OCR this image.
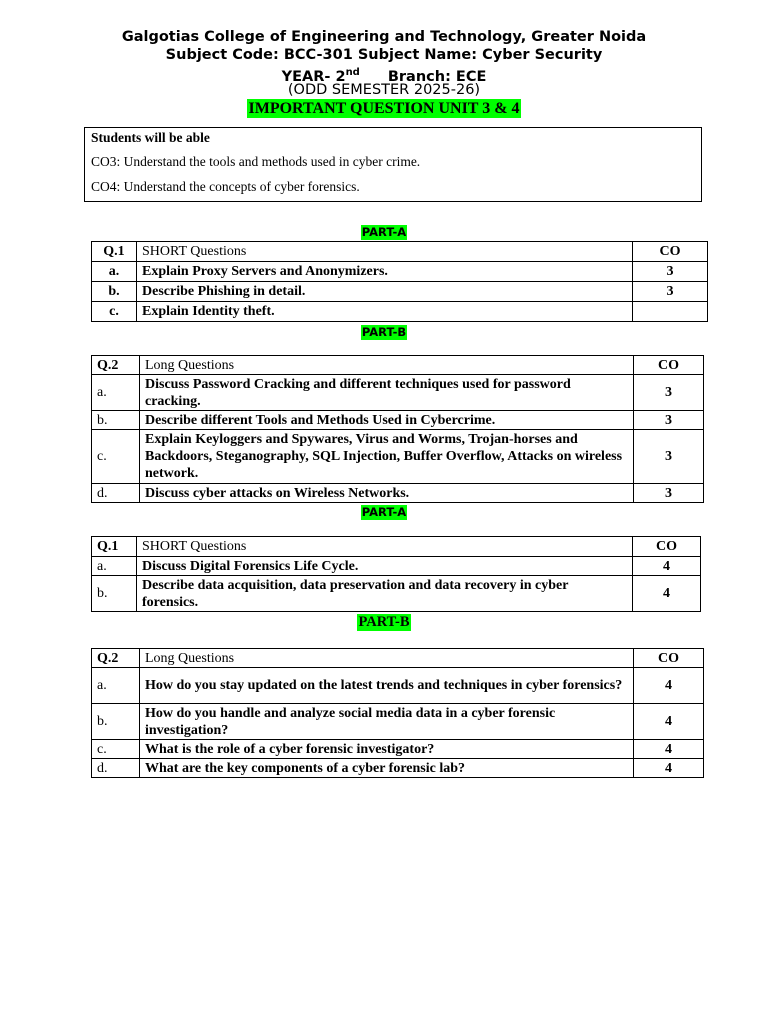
Galgotias College of Engineering and Technology, Greater Noida
Subject Code: BCC-301 Subject Name: Cyber Security
YEAR- 2nd Branch: ECE
(ODD SEMESTER 2025-26)
IMPORTANT QUESTION UNIT 3 & 4
Students will be able
CO3: Understand the tools and methods used in cyber crime.
CO4: Understand the concepts of cyber forensics.
PART-A
Q.1	SHORT Questions	CO
a.	Explain Proxy Servers and Anonymizers.	3
b.	Describe Phishing in detail.	3
c.	Explain Identity theft.	
PART-B
Q.2	Long Questions	CO
a.	Discuss Password Cracking and different techniques used for password cracking.	3
b.	Describe different Tools and Methods Used in Cybercrime.	3
c.	Explain Keyloggers and Spywares, Virus and Worms, Trojan-horses and Backdoors, Steganography, SQL Injection, Buffer Overflow, Attacks on wireless network.	3
d.	Discuss cyber attacks on Wireless Networks.	3
PART-A
Q.1	SHORT Questions	CO
a.	Discuss Digital Forensics Life Cycle.	4
b.	Describe data acquisition, data preservation and data recovery in cyber forensics.	4
PART-B
Q.2	Long Questions	CO
a.	How do you stay updated on the latest trends and techniques in cyber forensics?	4
b.	How do you handle and analyze social media data in a cyber forensic investigation?	4
c.	What is the role of a cyber forensic investigator?	4
d.	What are the key components of a cyber forensic lab?	4
